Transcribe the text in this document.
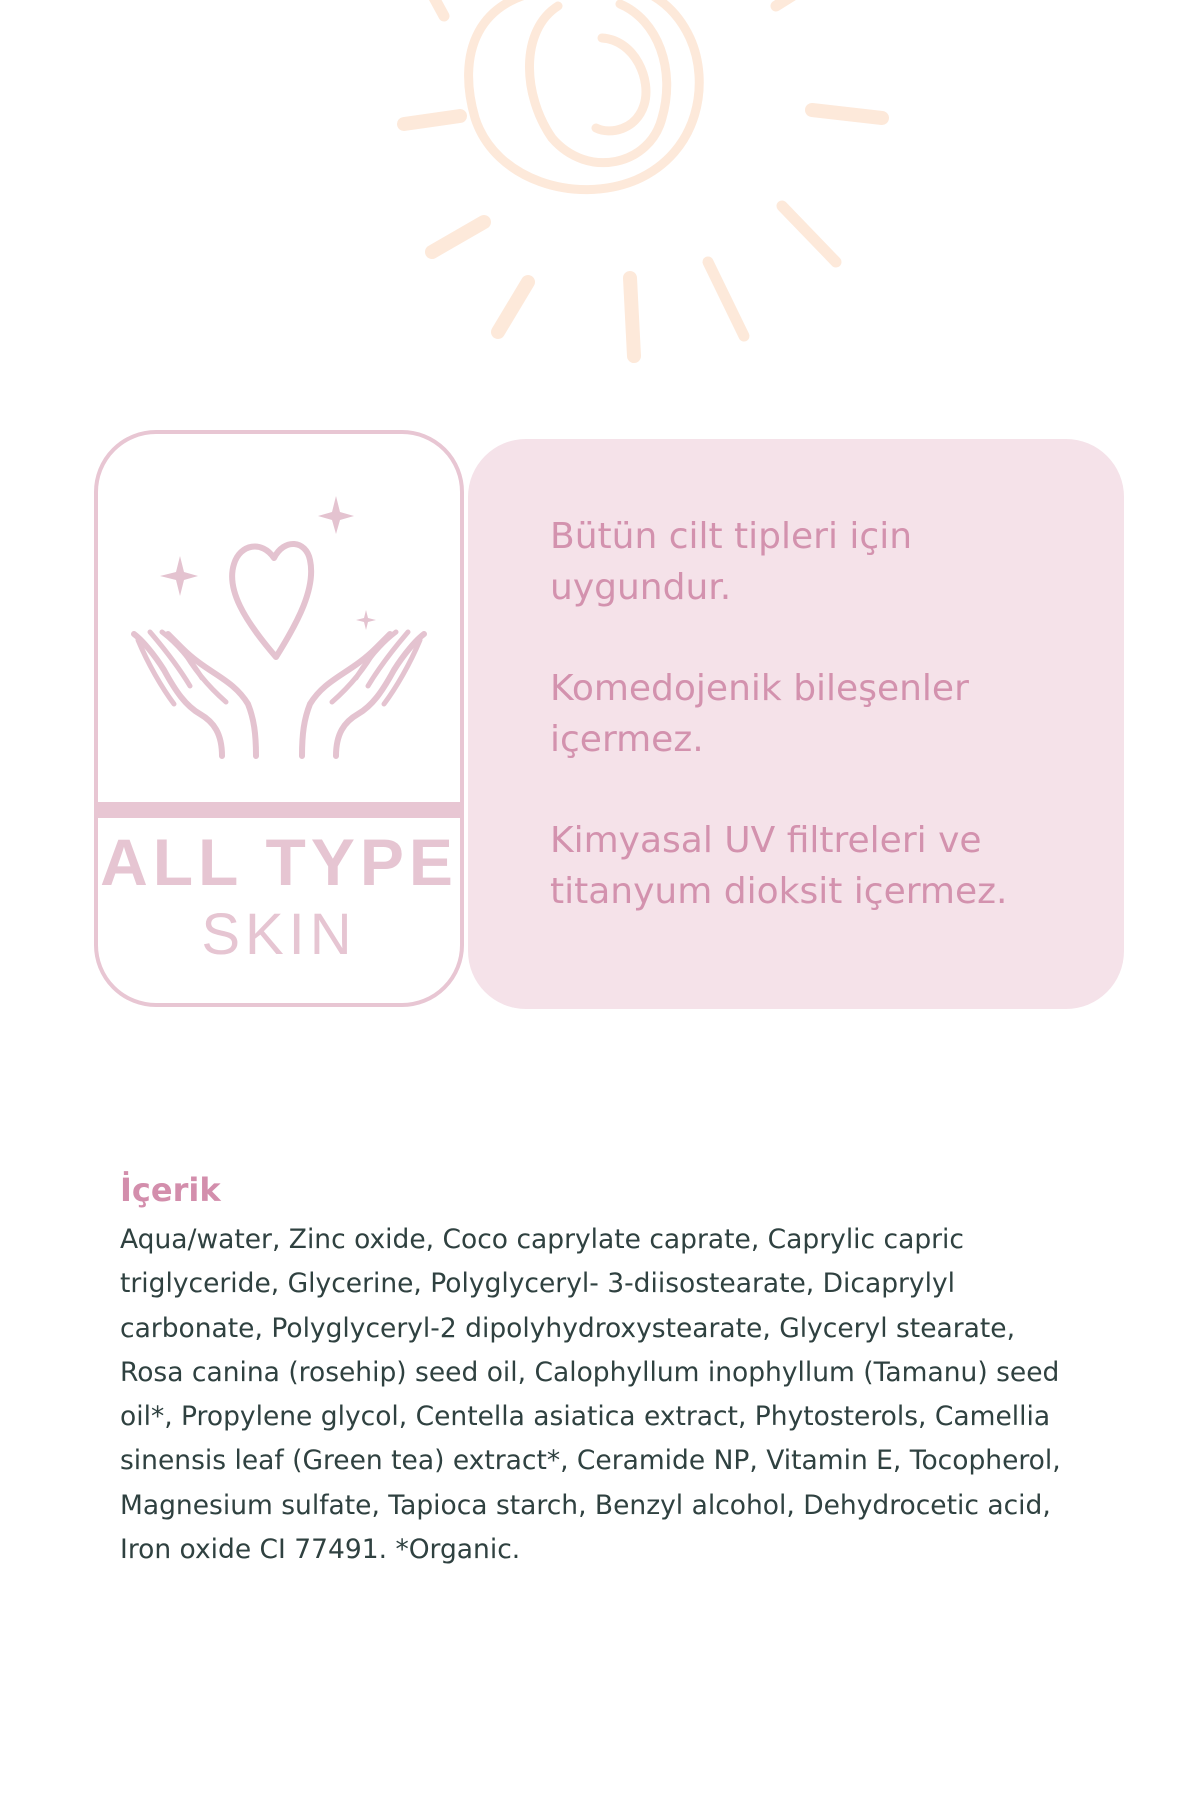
ALL TYPE
SKIN

Bütün cilt tipleri için uygundur.

Komedojenik bileşenler içermez.

Kimyasal UV filtreleri ve titanyum dioksit içermez.

İçerik

Aqua/water, Zinc oxide, Coco caprylate caprate, Caprylic capric triglyceride, Glycerine, Polyglyceryl- 3-diisostearate, Dicaprylyl carbonate, Polyglyceryl-2 dipolyhydroxystearate, Glyceryl stearate, Rosa canina (rosehip) seed oil, Calophyllum inophyllum (Tamanu) seed oil*, Propylene glycol, Centella asiatica extract, Phytosterols, Camellia sinensis leaf (Green tea) extract*, Ceramide NP, Vitamin E, Tocopherol, Magnesium sulfate, Tapioca starch, Benzyl alcohol, Dehydrocetic acid, Iron oxide CI 77491. *Organic.
